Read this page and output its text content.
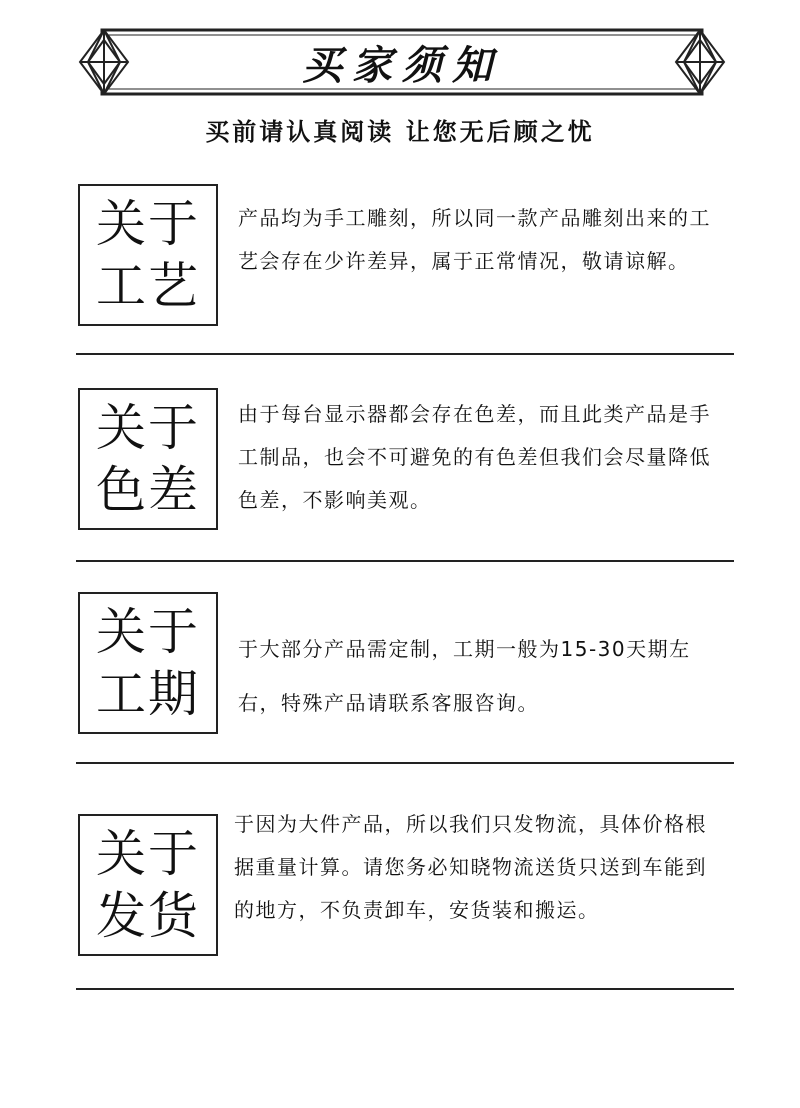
买家须知
买前请认真阅读 让您无后顾之忧
关于
工艺
产品均为手工雕刻，所以同一款产品雕刻出来的工艺会存在少许差异，属于正常情况，敬请谅解。
关于
色差
由于每台显示器都会存在色差，而且此类产品是手工制品，也会不可避免的有色差但我们会尽量降低色差，不影响美观。
关于
工期
于大部分产品需定制，工期一般为15-30天期左右，特殊产品请联系客服咨询。
关于
发货
于因为大件产品，所以我们只发物流，具体价格根据重量计算。请您务必知晓物流送货只送到车能到的地方，不负责卸车，安货装和搬运。
